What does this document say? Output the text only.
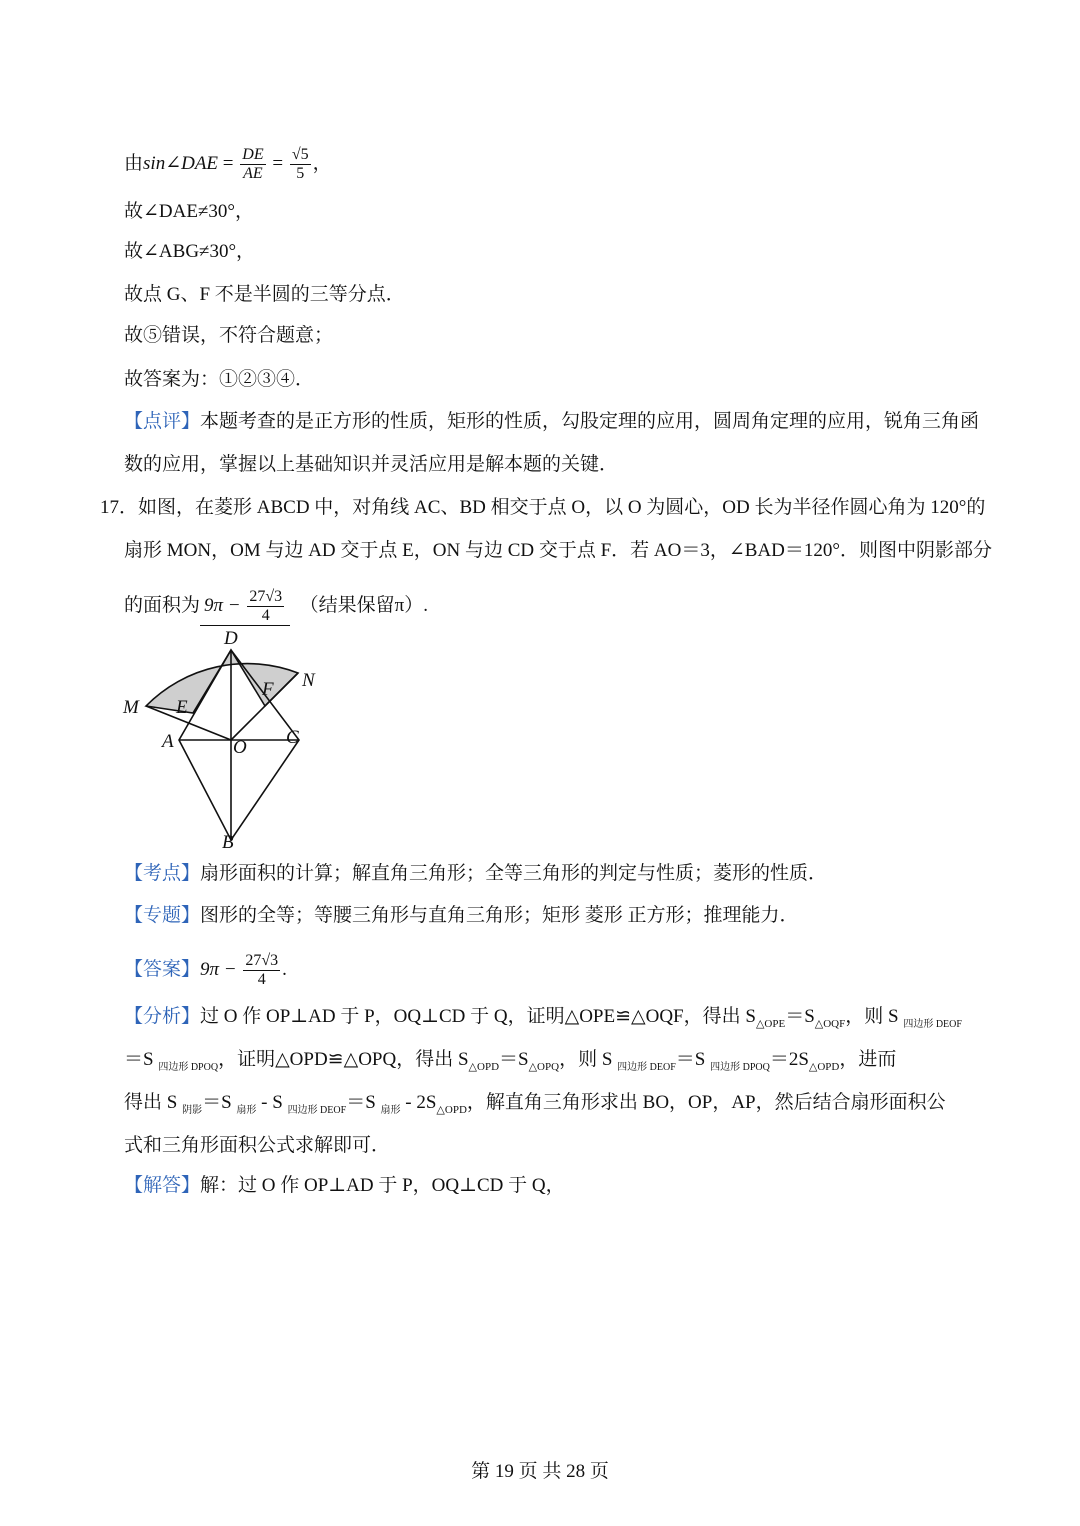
由sin∠DAE = $\frac{DE}{AE} = \frac{√5}{5}$ ，
故∠DAE≠30°，
故∠ABG≠30°，
故点 G、F 不是半圆的三等分点．
故⑤错误，不符合题意；
故答案为：①②③④．
【点评】本题考查的是正方形的性质，矩形的性质，勾股定理的应用，圆周角定理的应用，锐角三角函
数的应用，掌握以上基础知识并灵活应用是解本题的关键．
17．如图，在菱形 ABCD 中，对角线 AC、BD 相交于点 O，以 O 为圆心，OD 长为半径作圆心角为 120°的
扇形 MON，OM 与边 AD 交于点 E，ON 与边 CD 交于点 F．若 AO＝3，∠BAD＝120°．则图中阴影部分
的面积为 $9\pi - \frac{27√3}{4}$ （结果保留π）.
D
F N
M E
A	O C
B
【考点】扇形面积的计算；解直角三角形；全等三角形的判定与性质；菱形的性质．
【专题】图形的全等；等腰三角形与直角三角形；矩形 菱形 正方形；推理能力．
【答案】$9\pi - \frac{27√3}{4}$ .
【分析】过 O 作 OP⊥AD 于 P，OQ⊥CD 于 Q，证明△OPE≌△OQF，得出 $S_{\triangle OPE}=S_{\triangle OQF}$，则 S $_{四边形 DEOF}$
＝S $_{四边形 DPOQ}$，证明△OPD≌△OPQ，得出 $S_{\triangle OPD}=S_{\triangle OPQ}$，则 S $_{四边形 DEOF}$＝S $_{四边形 DPOQ}=2S_{\triangle OPD}$，进而
得出 S $_{阴影}$＝S $_{扇形}$ - S $_{四边形 DEOF}$＝S $_{扇形} - 2S_{\triangle OPD}$，解直角三角形求出 BO，OP，AP，然后结合扇形面积公
式和三角形面积公式求解即可．
【解答】解：过 O 作 OP⊥AD 于 P，OQ⊥CD 于 Q，
第 19 页 共 28 页
